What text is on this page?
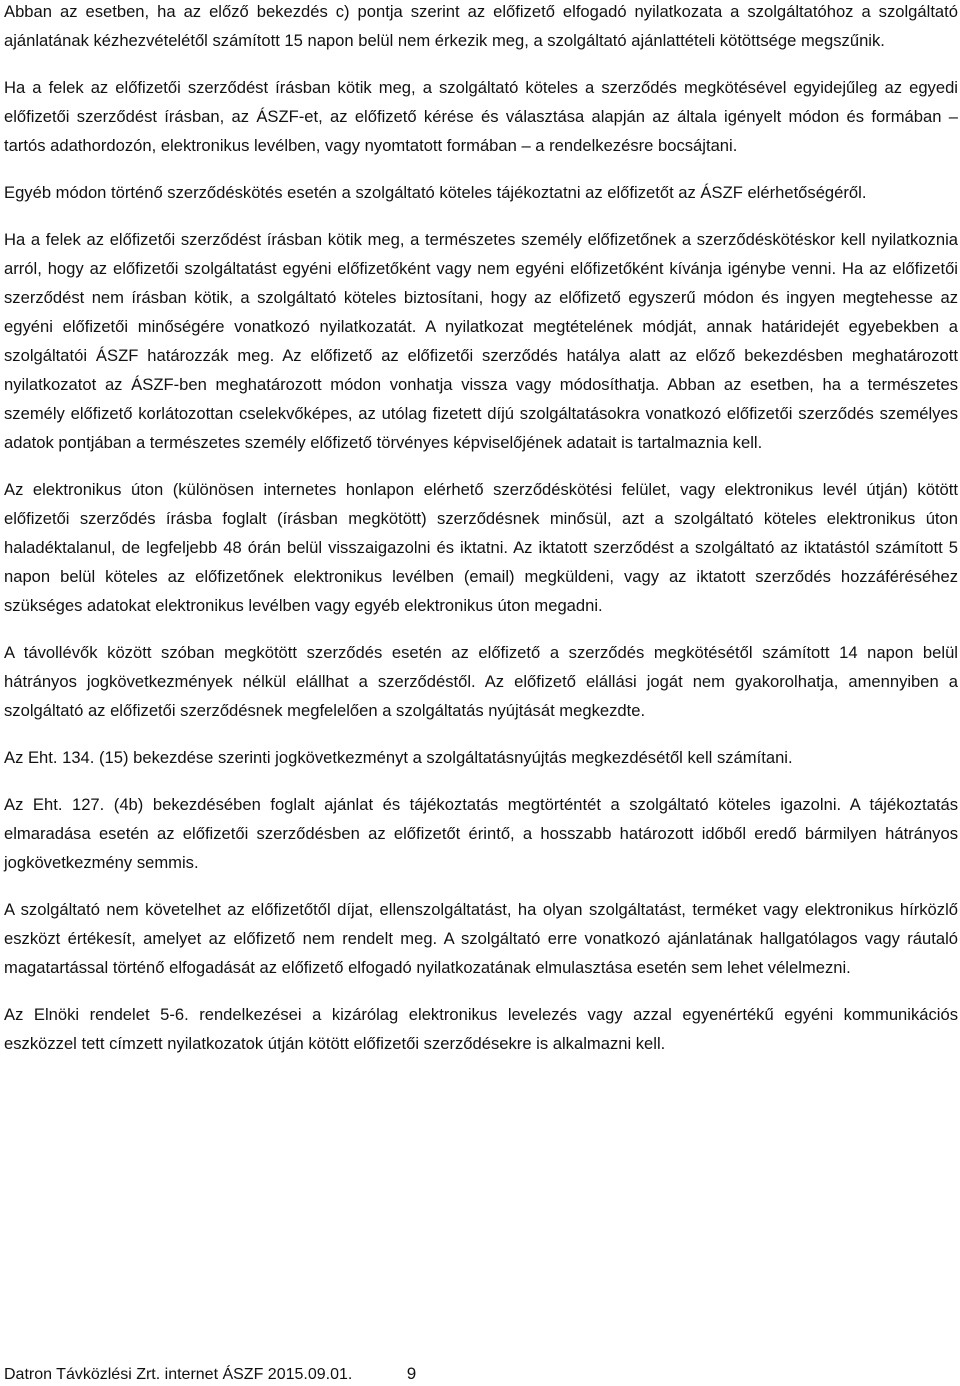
Abban az esetben, ha az előző bekezdés c) pontja szerint az előfizető elfogadó nyilatkozata a szolgáltatóhoz a szolgáltató ajánlatának kézhezvételétől számított 15 napon belül nem érkezik meg, a szolgáltató ajánlattételi kötöttsége megszűnik.

Ha a felek az előfizetői szerződést írásban kötik meg, a szolgáltató köteles a szerződés megkötésével egyidejűleg az egyedi előfizetői szerződést írásban, az ÁSZF-et, az előfizető kérése és választása alapján az általa igényelt módon és formában – tartós adathordozón, elektronikus levélben, vagy nyomtatott formában – a rendelkezésre bocsájtani.

Egyéb módon történő szerződéskötés esetén a szolgáltató köteles tájékoztatni az előfizetőt az ÁSZF elérhetőségéről.

Ha a felek az előfizetői szerződést írásban kötik meg, a természetes személy előfizetőnek a szerződéskötéskor kell nyilatkoznia arról, hogy az előfizetői szolgáltatást egyéni előfizetőként vagy nem egyéni előfizetőként kívánja igénybe venni. Ha az előfizetői szerződést nem írásban kötik, a szolgáltató köteles biztosítani, hogy az előfizető egyszerű módon és ingyen megtehesse az egyéni előfizetői minőségére vonatkozó nyilatkozatát. A nyilatkozat megtételének módját, annak határidejét egyebekben a szolgáltatói ÁSZF határozzák meg. Az előfizető az előfizetői szerződés hatálya alatt az előző bekezdésben meghatározott nyilatkozatot az ÁSZF-ben meghatározott módon vonhatja vissza vagy módosíthatja. Abban az esetben, ha a természetes személy előfizető korlátozottan cselekvőképes, az utólag fizetett díjú szolgáltatásokra vonatkozó előfizetői szerződés személyes adatok pontjában a természetes személy előfizető törvényes képviselőjének adatait is tartalmaznia kell.

Az elektronikus úton (különösen internetes honlapon elérhető szerződéskötési felület, vagy elektronikus levél útján) kötött előfizetői szerződés írásba foglalt (írásban megkötött) szerződésnek minősül, azt a szolgáltató köteles elektronikus úton haladéktalanul, de legfeljebb 48 órán belül visszaigazolni és iktatni. Az iktatott szerződést a szolgáltató az iktatástól számított 5 napon belül köteles az előfizetőnek elektronikus levélben (email) megküldeni, vagy az iktatott szerződés hozzáféréséhez szükséges adatokat elektronikus levélben vagy egyéb elektronikus úton megadni.

A távollévők között szóban megkötött szerződés esetén az előfizető a szerződés megkötésétől számított 14 napon belül hátrányos jogkövetkezmények nélkül elállhat a szerződéstől. Az előfizető elállási jogát nem gyakorolhatja, amennyiben a szolgáltató az előfizetői szerződésnek megfelelően a szolgáltatás nyújtását megkezdte.

Az Eht. 134. (15) bekezdése szerinti jogkövetkezményt a szolgáltatásnyújtás megkezdésétől kell számítani.

Az Eht. 127. (4b) bekezdésében foglalt ajánlat és tájékoztatás megtörténtét a szolgáltató köteles igazolni. A tájékoztatás elmaradása esetén az előfizetői szerződésben az előfizetőt érintő, a hosszabb határozott időből eredő bármilyen hátrányos jogkövetkezmény semmis.

A szolgáltató nem követelhet az előfizetőtől díjat, ellenszolgáltatást, ha olyan szolgáltatást, terméket vagy elektronikus hírközlő eszközt értékesít, amelyet az előfizető nem rendelt meg. A szolgáltató erre vonatkozó ajánlatának hallgatólagos vagy ráutaló magatartással történő elfogadását az előfizető elfogadó nyilatkozatának elmulasztása esetén sem lehet vélelmezni.

Az Elnöki rendelet 5-6. rendelkezései a kizárólag elektronikus levelezés vagy azzal egyenértékű egyéni kommunikációs eszközzel tett címzett nyilatkozatok útján kötött előfizetői szerződésekre is alkalmazni kell.

Datron Távközlési Zrt. internet ÁSZF 2015.09.01.	9
